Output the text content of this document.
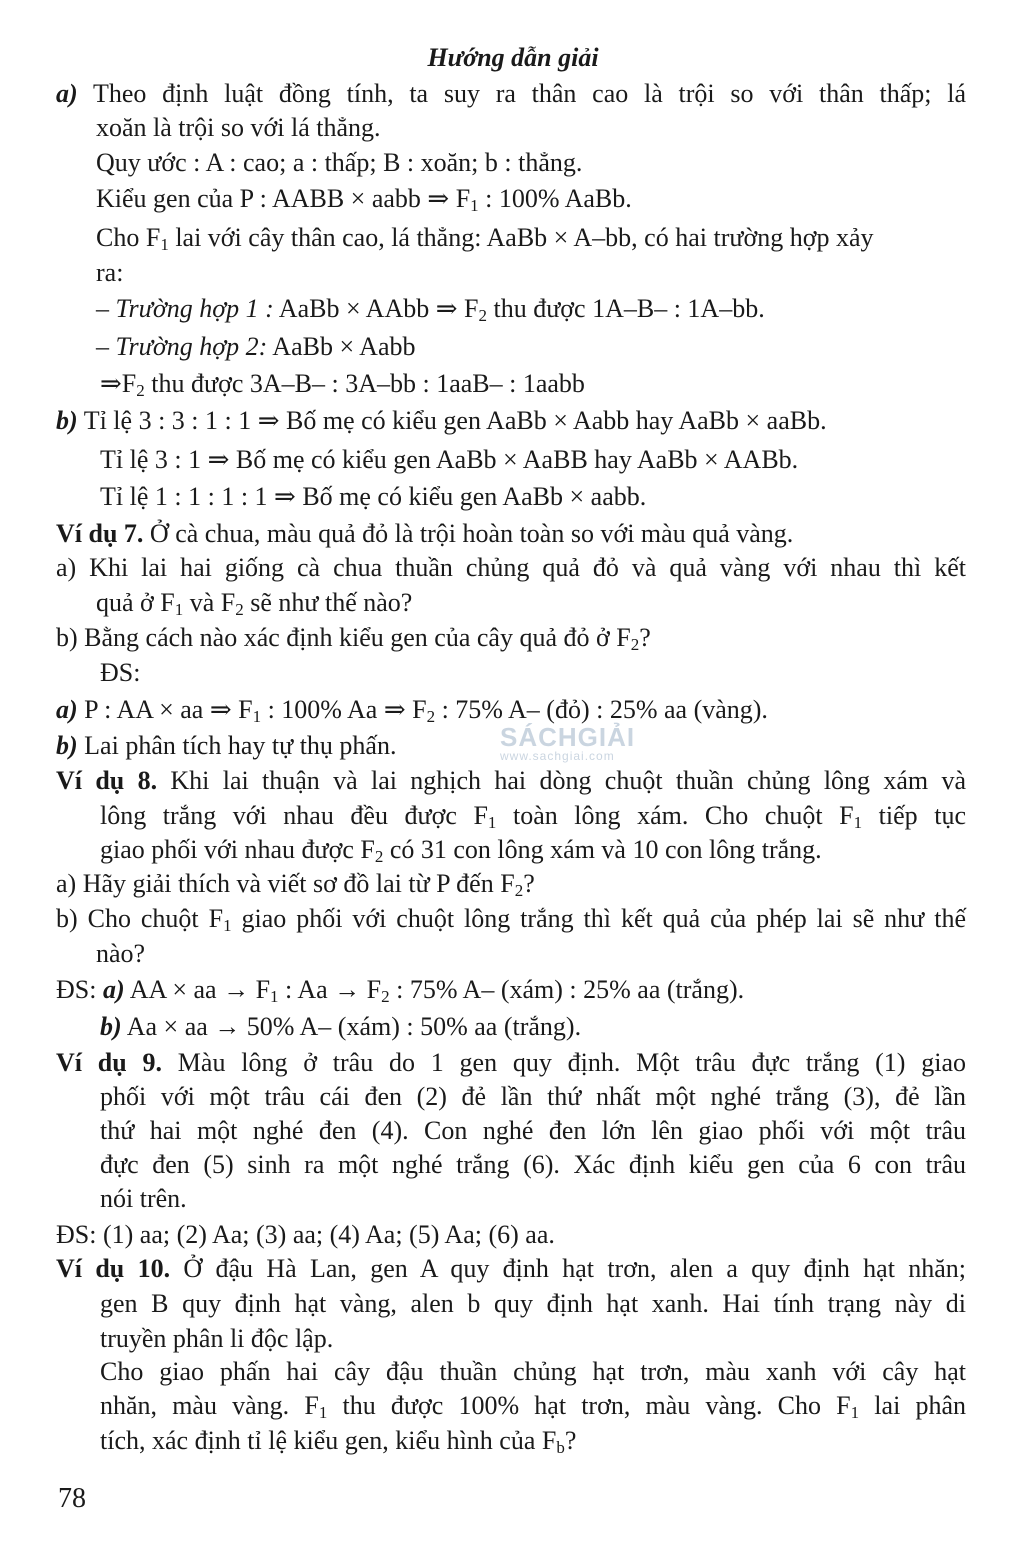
Hướng dẫn giải
a) Theo định luật đồng tính, ta suy ra thân cao là trội so với thân thấp; lá
xoăn là trội so với lá thẳng.
Quy ước : A : cao; a : thấp; B : xoăn; b : thẳng.
Kiểu gen của P : AABB × aabb ⇒ $F_1$ : 100% AaBb.
Cho $F_1$ lai với cây thân cao, lá thẳng: AaBb × A–bb, có hai trường hợp xảy
ra:
– Trường hợp 1 : AaBb × AAbb ⇒ $F_2$ thu được 1A–B– : 1A–bb.
– Trường hợp 2: AaBb × Aabb
$\Rightarrow F_2$ thu được 3A–B– : 3A–bb : 1aaB– : 1aabb
b) Tỉ lệ 3 : 3 : 1 : 1 ⇒ Bố mẹ có kiểu gen AaBb × Aabb hay AaBb × aaBb.
Tỉ lệ 3 : 1 ⇒ Bố mẹ có kiểu gen AaBb × AaBB hay AaBb × AABb.
Tỉ lệ 1 : 1 : 1 : 1 ⇒ Bố mẹ có kiểu gen AaBb × aabb.
Ví dụ 7. Ở cà chua, màu quả đỏ là trội hoàn toàn so với màu quả vàng.
a) Khi lai hai giống cà chua thuần chủng quả đỏ và quả vàng với nhau thì kết
quả ở $F_1$ và $F_2$ sẽ như thế nào?
b) Bằng cách nào xác định kiểu gen của cây quả đỏ ở $F_2$?
ĐS:
a) P : AA × aa ⇒ $F_1$ : 100% Aa ⇒ $F_2$ : 75% A– (đỏ) : 25% aa (vàng).
b) Lai phân tích hay tự thụ phấn.
Ví dụ 8. Khi lai thuận và lai nghịch hai dòng chuột thuần chủng lông xám và
lông trắng với nhau đều được $F_1$ toàn lông xám. Cho chuột $F_1$ tiếp tục
giao phối với nhau được $F_2$ có 31 con lông xám và 10 con lông trắng.
a) Hãy giải thích và viết sơ đồ lai từ P đến $F_2$?
b) Cho chuột $F_1$ giao phối với chuột lông trắng thì kết quả của phép lai sẽ như thế
nào?
ĐS: a) AA × aa → $F_1$ : $Aa \to F_2$ : 75% A– (xám) : 25% aa (trắng).
b) Aa × aa → 50% A– (xám) : 50% aa (trắng).
Ví dụ 9. Màu lông ở trâu do 1 gen quy định. Một trâu đực trắng (1) giao
phối với một trâu cái đen (2) đẻ lần thứ nhất một nghé trắng (3), đẻ lần
thứ hai một nghé đen (4). Con nghé đen lớn lên giao phối với một trâu
đực đen (5) sinh ra một nghé trắng (6). Xác định kiểu gen của 6 con trâu
nói trên.
ĐS: (1) aa; (2) Aa; (3) aa; (4) Aa; (5) Aa; (6) aa.
Ví dụ 10. Ở đậu Hà Lan, gen A quy định hạt trơn, alen a quy định hạt nhăn;
gen B quy định hạt vàng, alen b quy định hạt xanh. Hai tính trạng này di
truyền phân li độc lập.
Cho giao phấn hai cây đậu thuần chủng hạt trơn, màu xanh với cây hạt
nhăn, màu vàng. $F_1$ thu được 100% hạt trơn, màu vàng. Cho $F_1$ lai phân
tích, xác định tỉ lệ kiểu gen, kiểu hình của $F_b$?
78
SÁCHGIẢI
www.sachgiai.com
